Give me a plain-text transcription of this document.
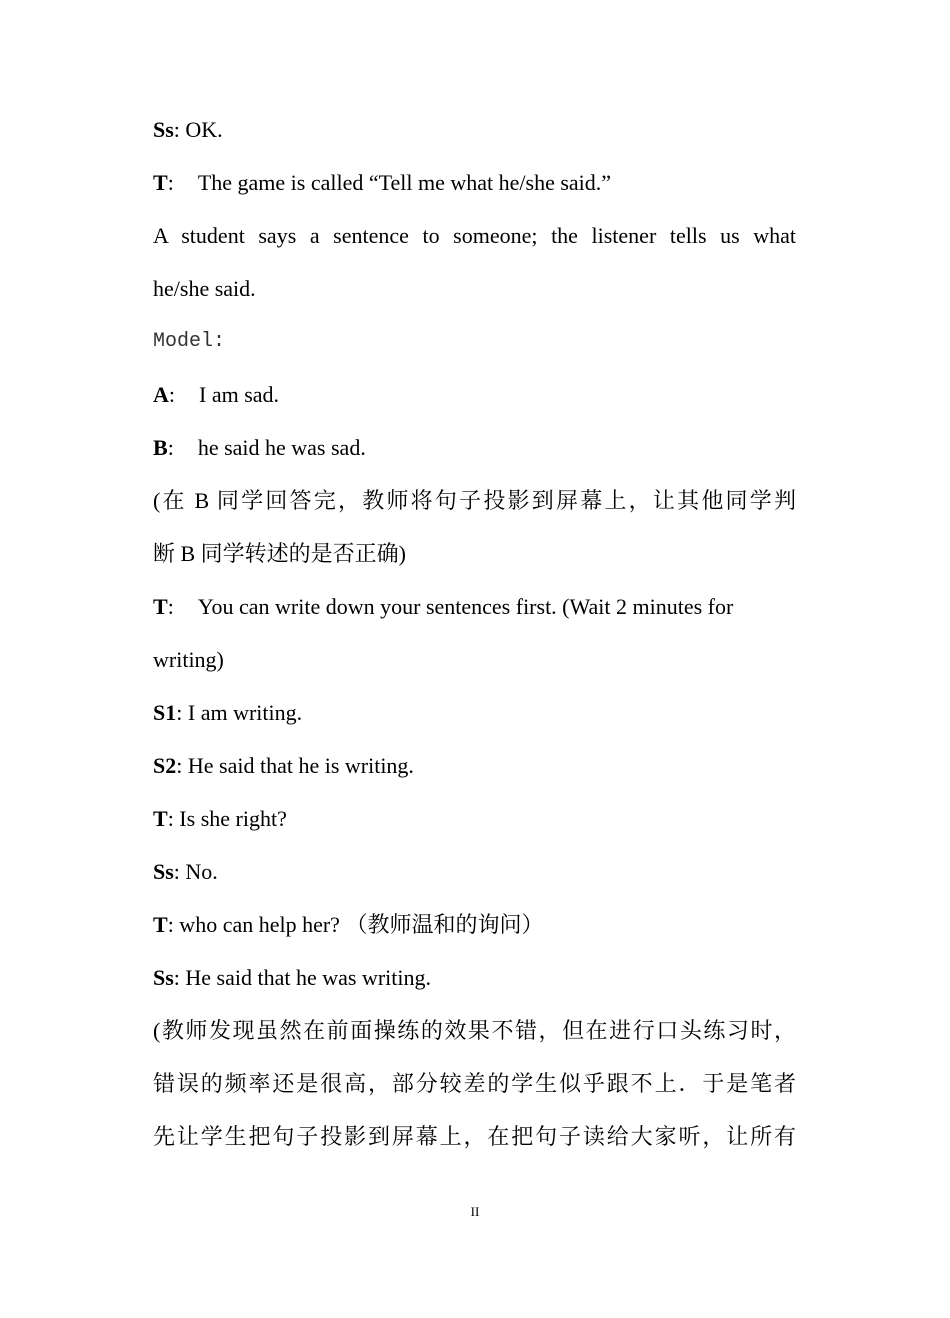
Ss: OK.
T: The game is called “Tell me what he/she said.”
A student says a sentence to someone; the listener tells us what
he/she said.
Model:
A: I am sad.
B: he said he was sad.
(在 B 同学回答完，教师将句子投影到屏幕上，让其他同学判
断 B 同学转述的是否正确)
T: You can write down your sentences first. (Wait 2 minutes for
writing)
S1: I am writing.
S2: He said that he is writing.
T: Is she right?
Ss: No.
T: who can help her? （教师温和的询问）
Ss: He said that he was writing.
(教师发现虽然在前面操练的效果不错，但在进行口头练习时，
错误的频率还是很高，部分较差的学生似乎跟不上．于是笔者
先让学生把句子投影到屏幕上，在把句子读给大家听，让所有
II
